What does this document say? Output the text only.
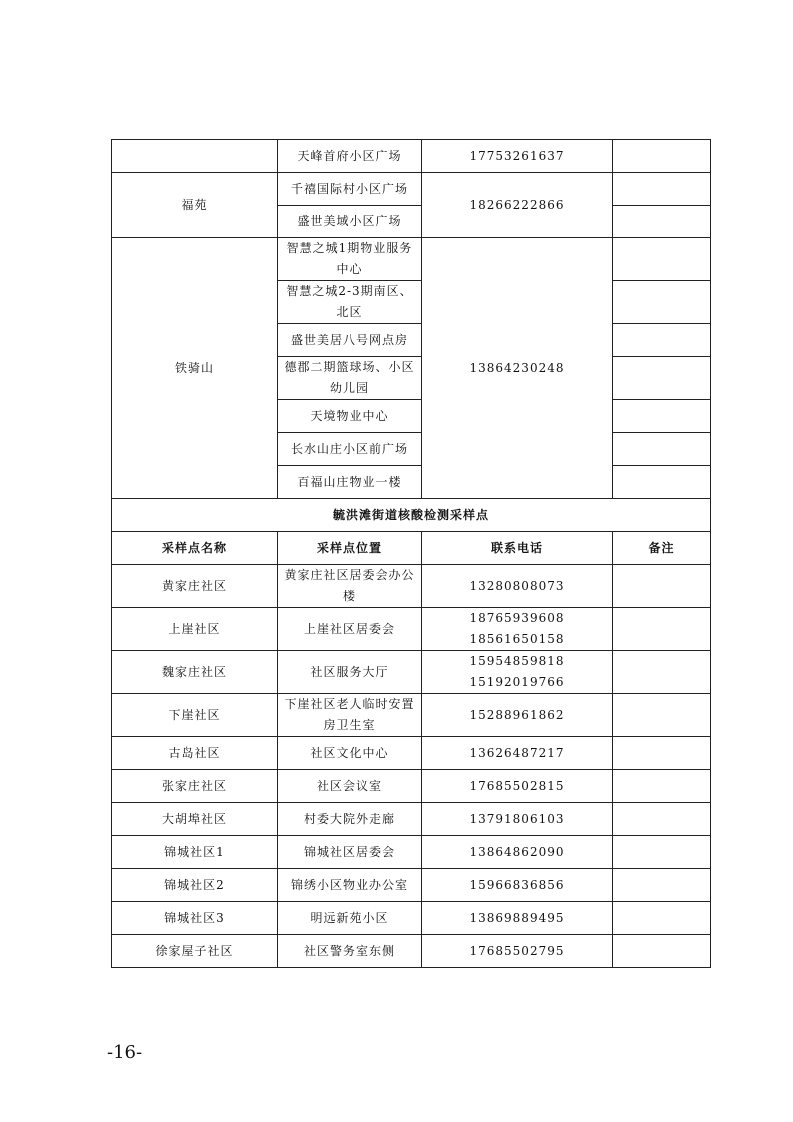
	天峰首府小区广场	17753261637	
福苑	千禧国际村小区广场	18266222866	
	盛世美域小区广场		
铁骑山	智慧之城1期物业服务中心	13864230248	
	智慧之城2-3期南区、北区		
	盛世美居八号网点房		
	德郡二期篮球场、小区幼儿园		
	天境物业中心		
	长水山庄小区前广场		
	百福山庄物业一楼		
毓洪滩街道核酸检测采样点			
采样点名称	采样点位置	联系电话	备注
黄家庄社区	黄家庄社区居委会办公楼	13280808073	

上崖社区	上崖社区居委会	18765939608
18561650158	

魏家庄社区	社区服务大厅	15954859818
15192019766	

下崖社区	下崖社区老人临时安置房卫生室	15288961862	

古岛社区	社区文化中心	13626487217	

张家庄社区	社区会议室	17685502815	

大胡埠社区	村委大院外走廊	13791806103	

锦城社区1	锦城社区居委会	13864862090	

锦城社区2	锦绣小区物业办公室	15966836856	

锦城社区3	明远新苑小区	13869889495	

徐家屋子社区	社区警务室东侧	17685502795	

-16-
